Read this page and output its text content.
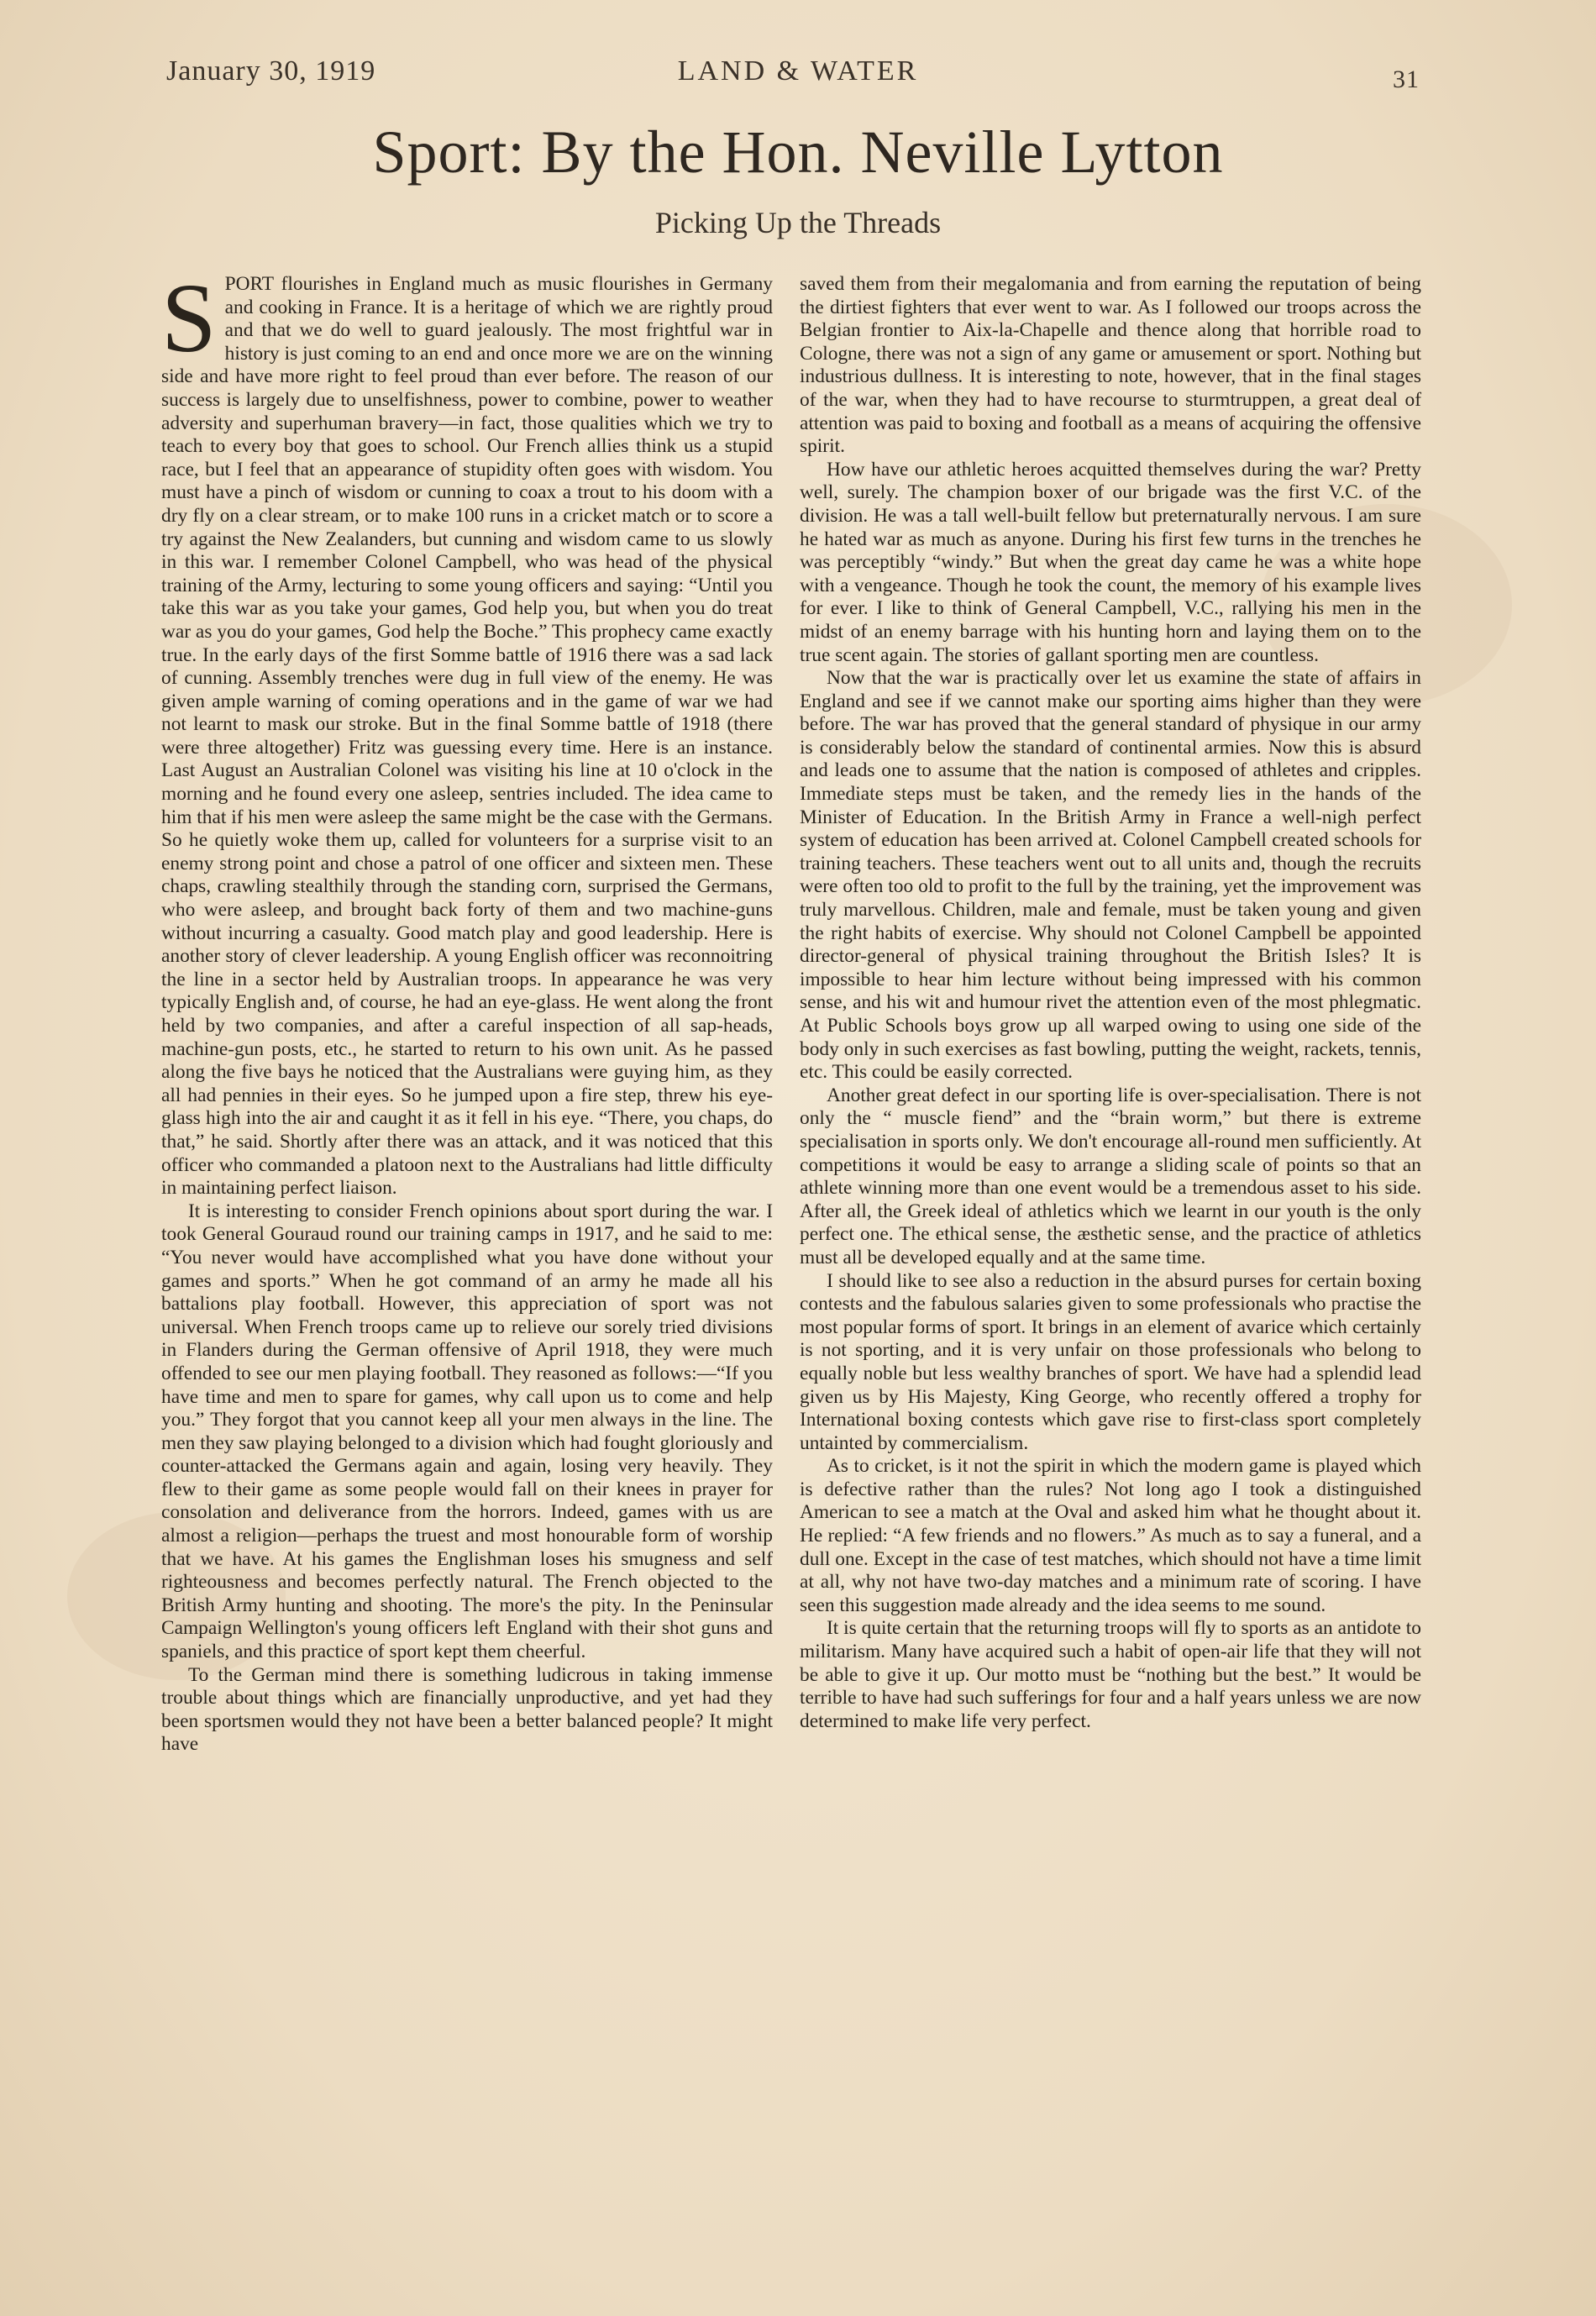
January 30, 1919	LAND & WATER	31
Sport: By the Hon. Neville Lytton
Picking Up the Threads

SPORT flourishes in England much as music flourishes in Germany and cooking in France. It is a heritage of which we are rightly proud and that we do well to guard jealously. The most frightful war in history is just coming to an end and once more we are on the winning side and have more right to feel proud than ever before. The reason of our success is largely due to unselfishness, power to combine, power to weather adversity and superhuman bravery—in fact, those qualities which we try to teach to every boy that goes to school. Our French allies think us a stupid race, but I feel that an appearance of stupidity often goes with wisdom. You must have a pinch of wisdom or cunning to coax a trout to his doom with a dry fly on a clear stream, or to make 100 runs in a cricket match or to score a try against the New Zealanders, but cunning and wisdom came to us slowly in this war. I remember Colonel Campbell, who was head of the physical training of the Army, lecturing to some young officers and saying: “Until you take this war as you take your games, God help you, but when you do treat war as you do your games, God help the Boche.” This prophecy came exactly true. In the early days of the first Somme battle of 1916 there was a sad lack of cunning. Assembly trenches were dug in full view of the enemy. He was given ample warning of coming operations and in the game of war we had not learnt to mask our stroke. But in the final Somme battle of 1918 (there were three altogether) Fritz was guessing every time. Here is an instance. Last August an Australian Colonel was visiting his line at 10 o'clock in the morning and he found every one asleep, sentries included. The idea came to him that if his men were asleep the same might be the case with the Germans. So he quietly woke them up, called for volunteers for a surprise visit to an enemy strong point and chose a patrol of one officer and sixteen men. These chaps, crawling stealthily through the standing corn, surprised the Germans, who were asleep, and brought back forty of them and two machine-guns without incurring a casualty. Good match play and good leadership. Here is another story of clever leadership. A young English officer was reconnoitring the line in a sector held by Australian troops. In appearance he was very typically English and, of course, he had an eye-glass. He went along the front held by two companies, and after a careful inspection of all sap-heads, machine-gun posts, etc., he started to return to his own unit. As he passed along the five bays he noticed that the Australians were guying him, as they all had pennies in their eyes. So he jumped upon a fire step, threw his eye-glass high into the air and caught it as it fell in his eye. “There, you chaps, do that,” he said. Shortly after there was an attack, and it was noticed that this officer who commanded a platoon next to the Australians had little difficulty in maintaining perfect liaison.

It is interesting to consider French opinions about sport during the war. I took General Gouraud round our training camps in 1917, and he said to me: “You never would have accomplished what you have done without your games and sports.” When he got command of an army he made all his battalions play football. However, this appreciation of sport was not universal. When French troops came up to relieve our sorely tried divisions in Flanders during the German offensive of April 1918, they were much offended to see our men playing football. They reasoned as follows:—“If you have time and men to spare for games, why call upon us to come and help you.” They forgot that you cannot keep all your men always in the line. The men they saw playing belonged to a division which had fought gloriously and counter-attacked the Germans again and again, losing very heavily. They flew to their game as some people would fall on their knees in prayer for consolation and deliverance from the horrors. Indeed, games with us are almost a religion—perhaps the truest and most honourable form of worship that we have. At his games the Englishman loses his smugness and self righteousness and becomes perfectly natural. The French objected to the British Army hunting and shooting. The more's the pity. In the Peninsular Campaign Wellington's young officers left England with their shot guns and spaniels, and this practice of sport kept them cheerful.

To the German mind there is something ludicrous in taking immense trouble about things which are financially unproductive, and yet had they been sportsmen would they not have been a better balanced people? It might have

saved them from their megalomania and from earning the reputation of being the dirtiest fighters that ever went to war. As I followed our troops across the Belgian frontier to Aix-la-Chapelle and thence along that horrible road to Cologne, there was not a sign of any game or amusement or sport. Nothing but industrious dullness. It is interesting to note, however, that in the final stages of the war, when they had to have recourse to sturmtruppen, a great deal of attention was paid to boxing and football as a means of acquiring the offensive spirit.

How have our athletic heroes acquitted themselves during the war? Pretty well, surely. The champion boxer of our brigade was the first V.C. of the division. He was a tall well-built fellow but preternaturally nervous. I am sure he hated war as much as anyone. During his first few turns in the trenches he was perceptibly “windy.” But when the great day came he was a white hope with a vengeance. Though he took the count, the memory of his example lives for ever. I like to think of General Campbell, V.C., rallying his men in the midst of an enemy barrage with his hunting horn and laying them on to the true scent again. The stories of gallant sporting men are countless.

Now that the war is practically over let us examine the state of affairs in England and see if we cannot make our sporting aims higher than they were before. The war has proved that the general standard of physique in our army is considerably below the standard of continental armies. Now this is absurd and leads one to assume that the nation is composed of athletes and cripples. Immediate steps must be taken, and the remedy lies in the hands of the Minister of Education. In the British Army in France a well-nigh perfect system of education has been arrived at. Colonel Campbell created schools for training teachers. These teachers went out to all units and, though the recruits were often too old to profit to the full by the training, yet the improvement was truly marvellous. Children, male and female, must be taken young and given the right habits of exercise. Why should not Colonel Campbell be appointed director-general of physical training throughout the British Isles? It is impossible to hear him lecture without being impressed with his common sense, and his wit and humour rivet the attention even of the most phlegmatic. At Public Schools boys grow up all warped owing to using one side of the body only in such exercises as fast bowling, putting the weight, rackets, tennis, etc. This could be easily corrected.

Another great defect in our sporting life is over-specialisation. There is not only the “ muscle fiend” and the “brain worm,” but there is extreme specialisation in sports only. We don't encourage all-round men sufficiently. At competitions it would be easy to arrange a sliding scale of points so that an athlete winning more than one event would be a tremendous asset to his side. After all, the Greek ideal of athletics which we learnt in our youth is the only perfect one. The ethical sense, the æsthetic sense, and the practice of athletics must all be developed equally and at the same time.

I should like to see also a reduction in the absurd purses for certain boxing contests and the fabulous salaries given to some professionals who practise the most popular forms of sport. It brings in an element of avarice which certainly is not sporting, and it is very unfair on those professionals who belong to equally noble but less wealthy branches of sport. We have had a splendid lead given us by His Majesty, King George, who recently offered a trophy for International boxing contests which gave rise to first-class sport completely untainted by commercialism.

As to cricket, is it not the spirit in which the modern game is played which is defective rather than the rules? Not long ago I took a distinguished American to see a match at the Oval and asked him what he thought about it. He replied: “A few friends and no flowers.” As much as to say a funeral, and a dull one. Except in the case of test matches, which should not have a time limit at all, why not have two-day matches and a minimum rate of scoring. I have seen this suggestion made already and the idea seems to me sound.

It is quite certain that the returning troops will fly to sports as an antidote to militarism. Many have acquired such a habit of open-air life that they will not be able to give it up. Our motto must be “nothing but the best.” It would be terrible to have had such sufferings for four and a half years unless we are now determined to make life very perfect.
